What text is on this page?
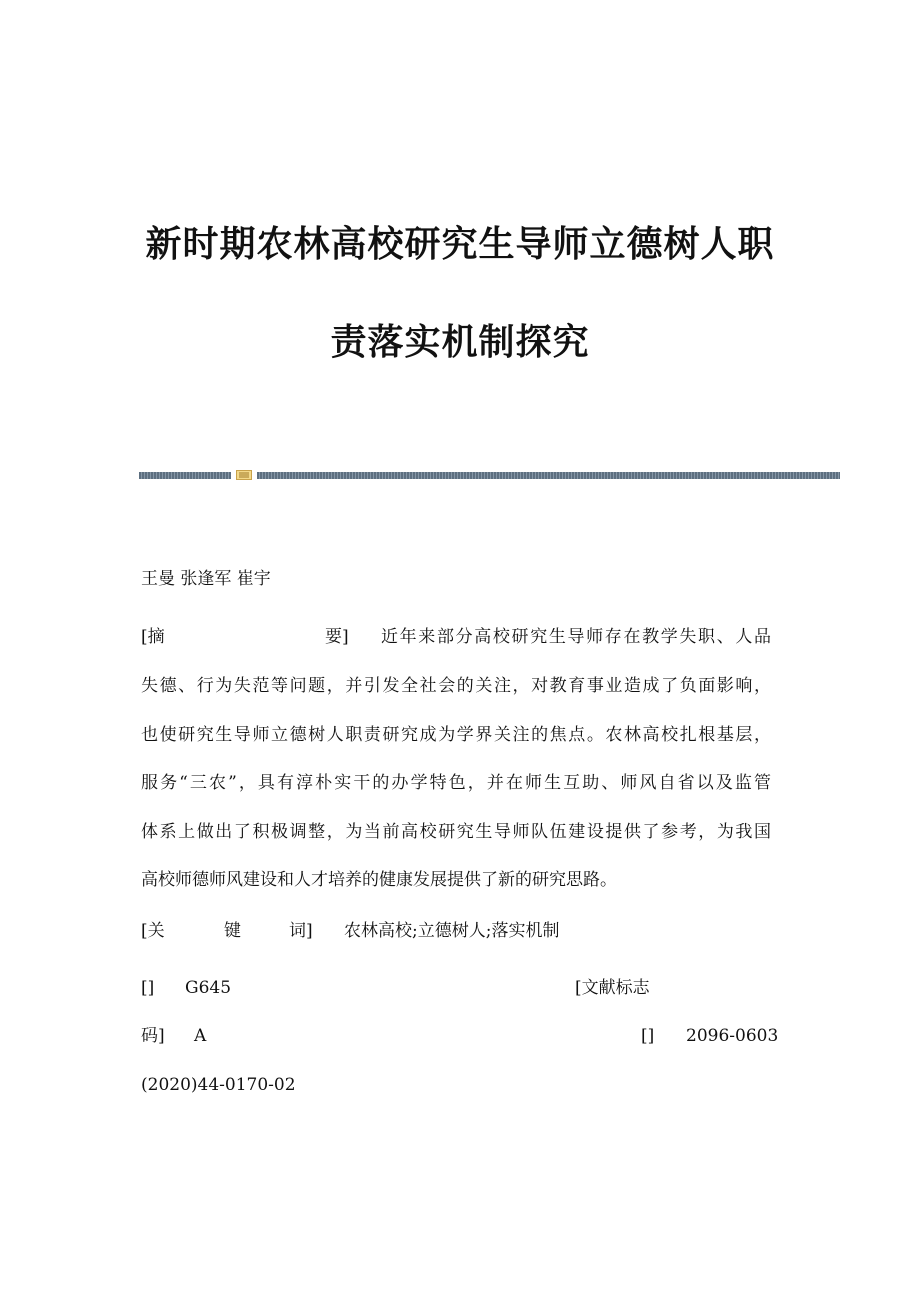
新时期农林高校研究生导师立德树人职
责落实机制探究
王曼 张逢军 崔宇
[摘	要] 近年来部分高校研究生导师存在教学失职、人品
失德、行为失范等问题，并引发全社会的关注，对教育事业造成了负面影响，
也使研究生导师立德树人职责研究成为学界关注的焦点。农林高校扎根基层，
服务“三农”，具有淳朴实干的办学特色，并在师生互助、师风自省以及监管
体系上做出了积极调整，为当前高校研究生导师队伍建设提供了参考，为我国
高校师德师风建设和人才培养的健康发展提供了新的研究思路。
[关	键	词] 农林高校;立德树人;落实机制
[] G645	[文献标志
码] A	[] 2096-0603
(2020)44-0170-02
